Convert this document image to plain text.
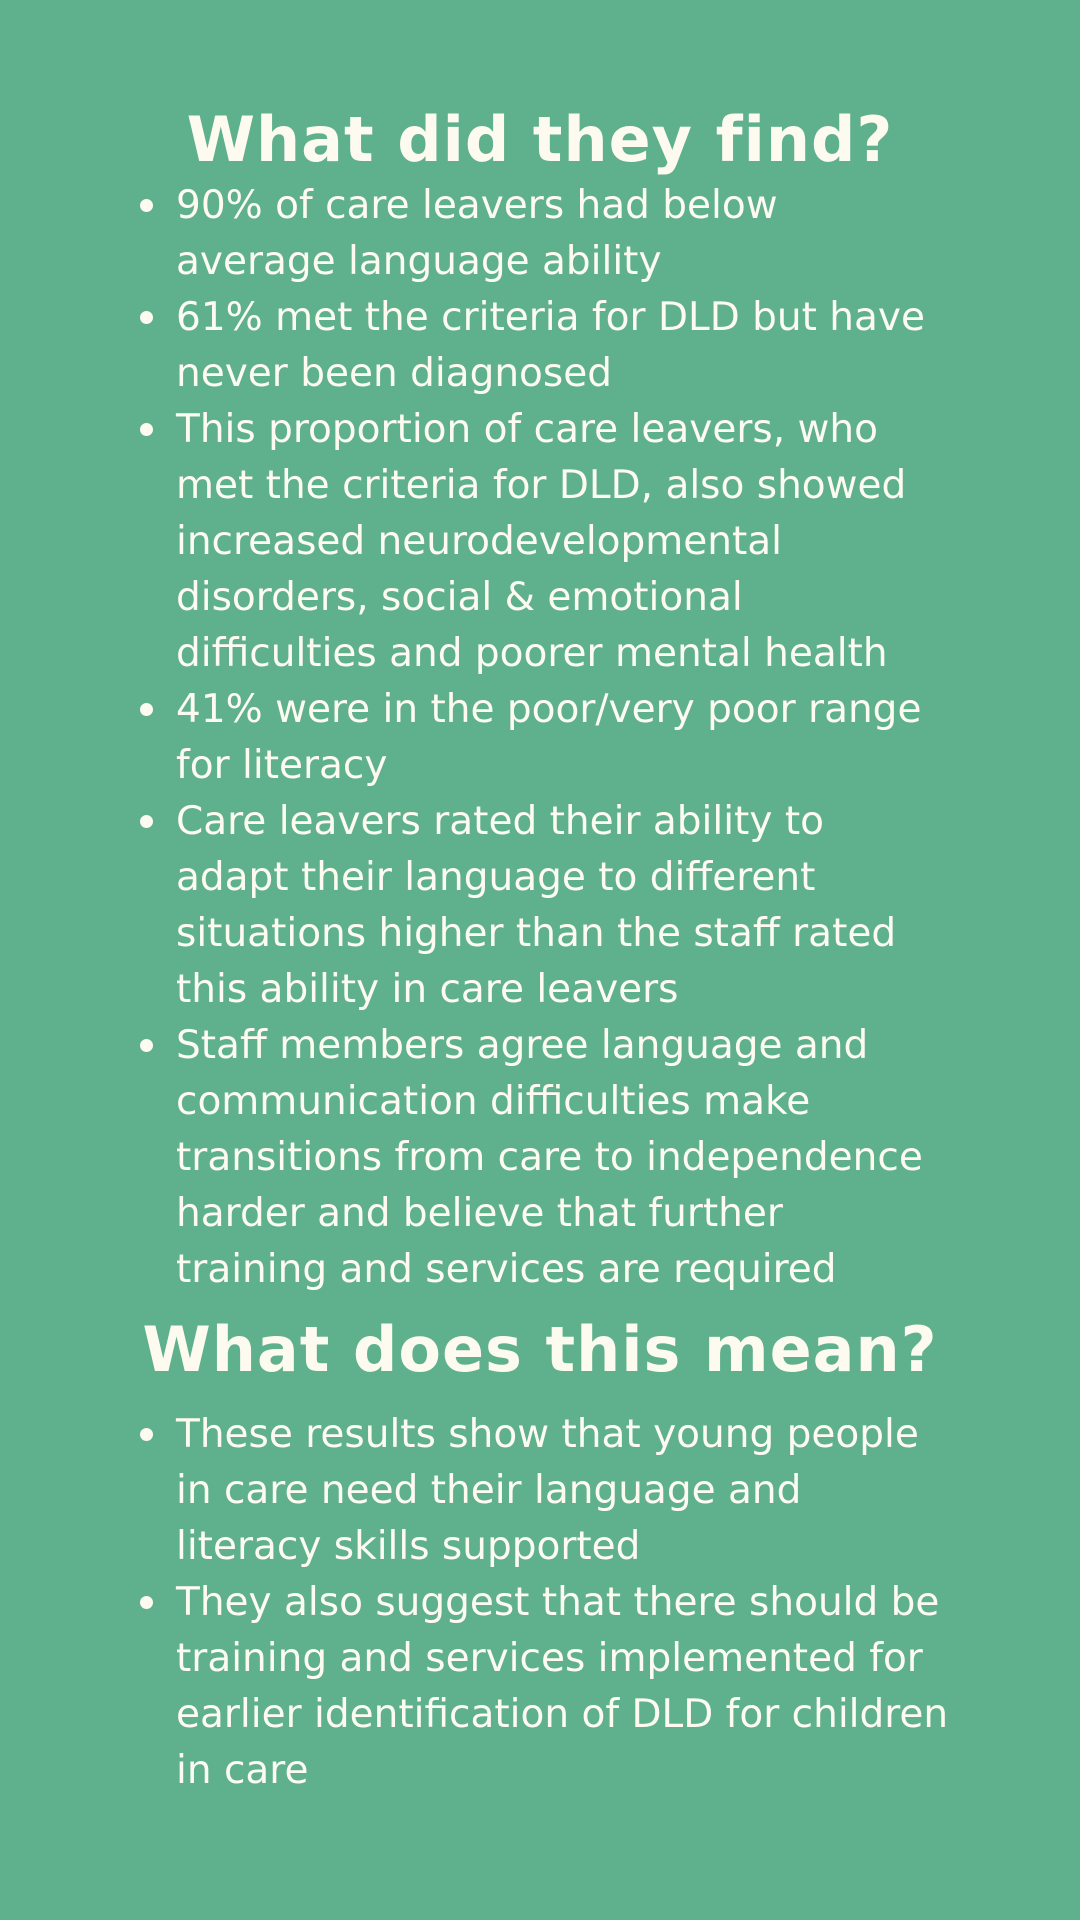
What did they find?
90% of care leavers had below
average language ability
61% met the criteria for DLD but have
never been diagnosed
This proportion of care leavers, who
met the criteria for DLD, also showed
increased neurodevelopmental
disorders, social & emotional
difficulties and poorer mental health
41% were in the poor/very poor range
for literacy
Care leavers rated their ability to
adapt their language to different
situations higher than the staff rated
this ability in care leavers
Staff members agree language and
communication difficulties make
transitions from care to independence
harder and believe that further
training and services are required
What does this mean?
These results show that young people
in care need their language and
literacy skills supported
They also suggest that there should be
training and services implemented for
earlier identification of DLD for children
in care
